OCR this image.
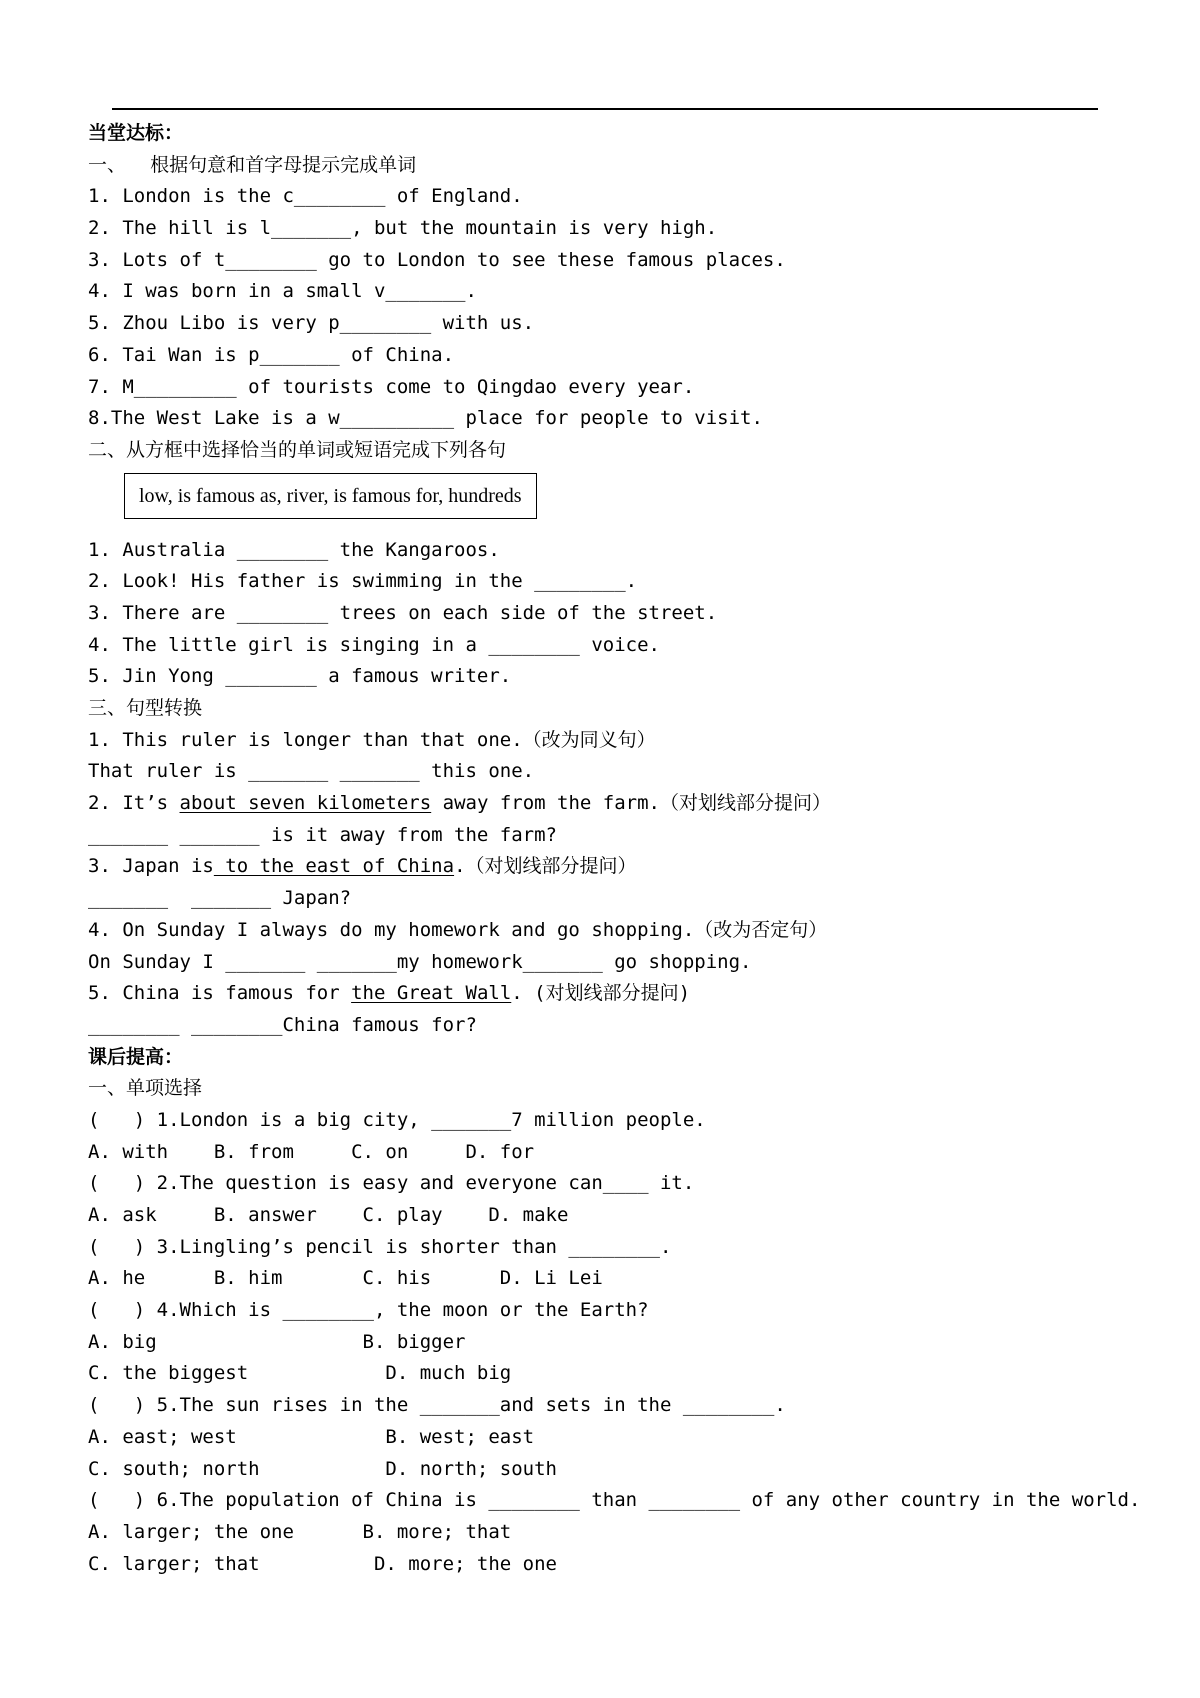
当堂达标：
一、    根据句意和首字母提示完成单词
1. London is the c________ of England.
2. The hill is l_______, but the mountain is very high.
3. Lots of t________ go to London to see these famous places.
4. I was born in a small v_______.
5. Zhou Libo is very p________ with us.
6. Tai Wan is p_______ of China.
7. M_________ of tourists come to Qingdao every year.
8.The West Lake is a w__________ place for people to visit.
二、从方框中选择恰当的单词或短语完成下列各句
low, is famous as, river, is famous for, hundreds
1. Australia ________ the Kangaroos.
2. Look! His father is swimming in the ________.
3. There are ________ trees on each side of the street.
4. The little girl is singing in a ________ voice.
5. Jin Yong ________ a famous writer.
三、句型转换
1. This ruler is longer than that one.（改为同义句）
That ruler is _______ _______ this one.
2. It’s about seven kilometers away from the farm.（对划线部分提问）
_______ _______ is it away from the farm?
3. Japan is to the east of China.（对划线部分提问）
_______  _______ Japan?
4. On Sunday I always do my homework and go shopping.（改为否定句）
On Sunday I _______ _______my homework_______ go shopping.
5. China is famous for the Great Wall. (对划线部分提问)
________ ________China famous for?
课后提高：
一、单项选择
(   ) 1.London is a big city, _______7 million people.
A. with    B. from     C. on     D. for
(   ) 2.The question is easy and everyone can____ it.
A. ask     B. answer    C. play    D. make
(   ) 3.Lingling’s pencil is shorter than ________.
A. he      B. him       C. his      D. Li Lei
(   ) 4.Which is ________, the moon or the Earth?
A. big                  B. bigger
C. the biggest            D. much big
(   ) 5.The sun rises in the _______and sets in the ________.
A. east; west             B. west; east
C. south; north           D. north; south
(   ) 6.The population of China is ________ than ________ of any other country in the world.
A. larger; the one      B. more; that
C. larger; that          D. more; the one
